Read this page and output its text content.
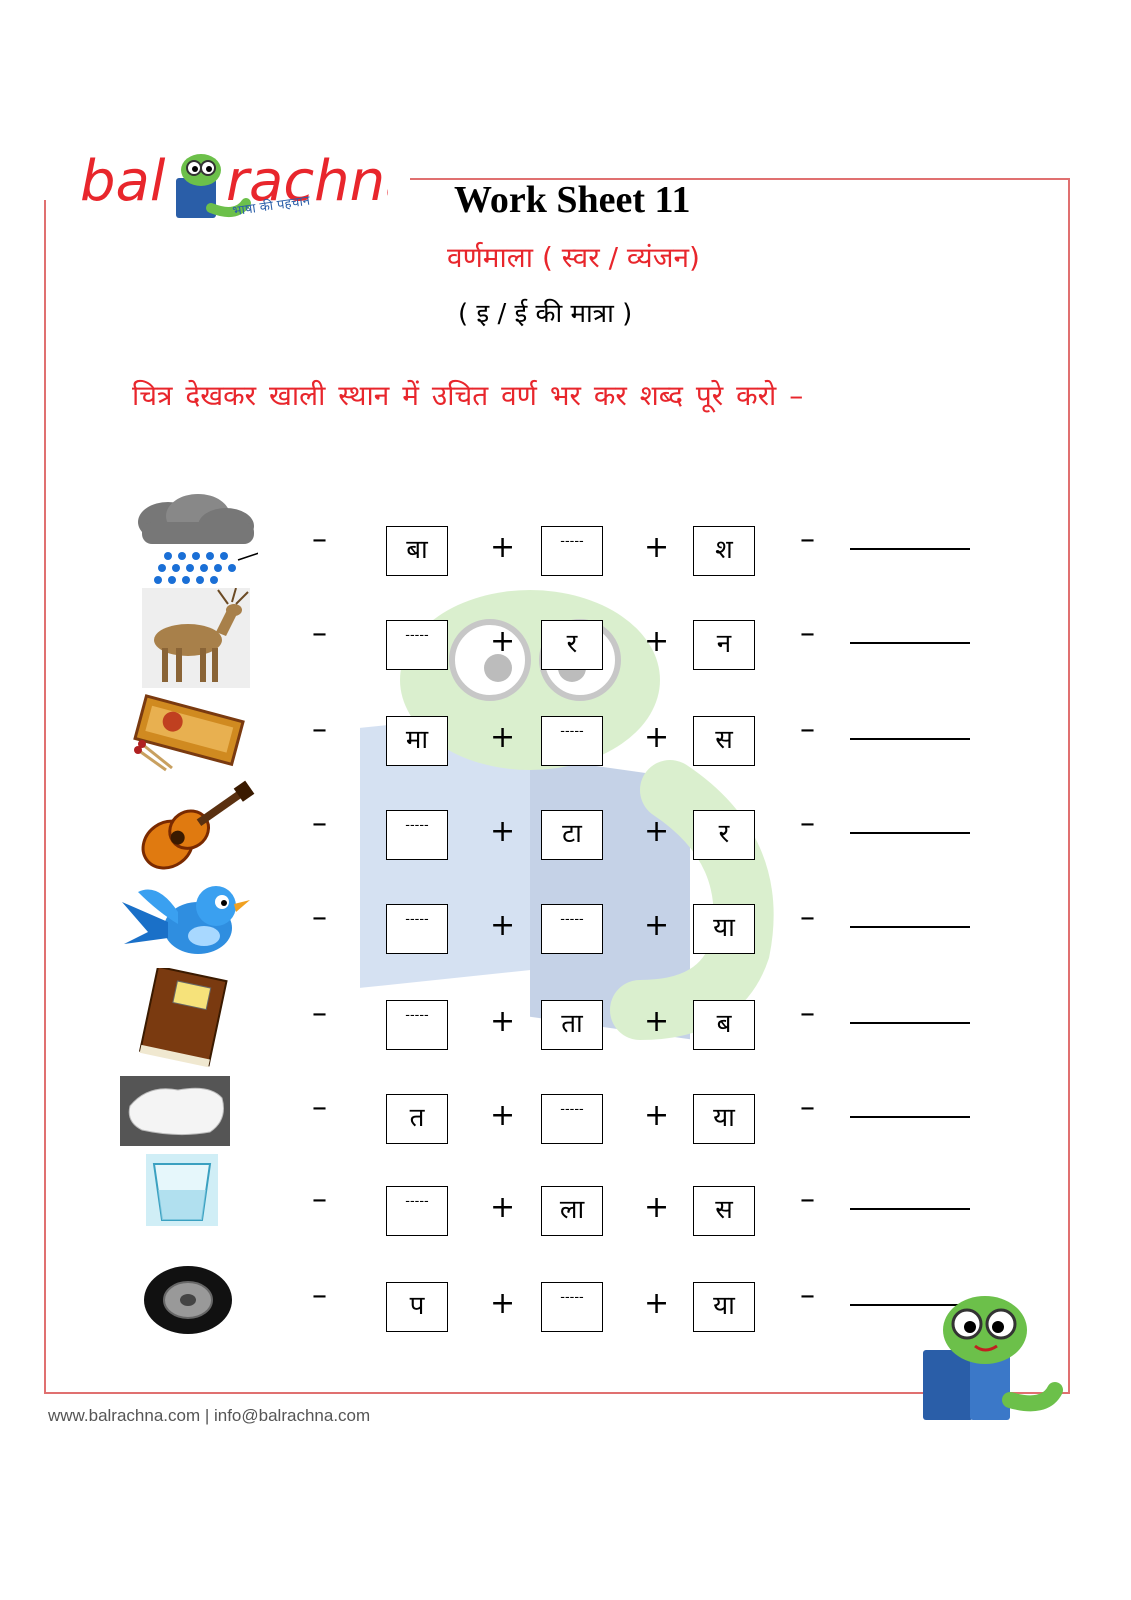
bal rachn
भाषा की पहचान	Work Sheet 11
वर्णमाला ( स्वर / व्यंजन)
( इ / ई की मात्रा )
चित्र देखकर खाली स्थान में उचित वर्ण भर कर शब्द पूरे करो –
–	बा	+	-----	+	श	–
–	-----	+	र	+	न	–
–	मा	+	-----	+	स	–
–	-----	+	टा	+	र	–
–	-----	+	-----	+	या	–
–	-----	+	ता	+	ब	–
–	त	+	-----	+	या	–
–	-----	+	ला	+	स	–
–	प	+	-----	+	या	–
www.balrachna.com | info@balrachna.com
